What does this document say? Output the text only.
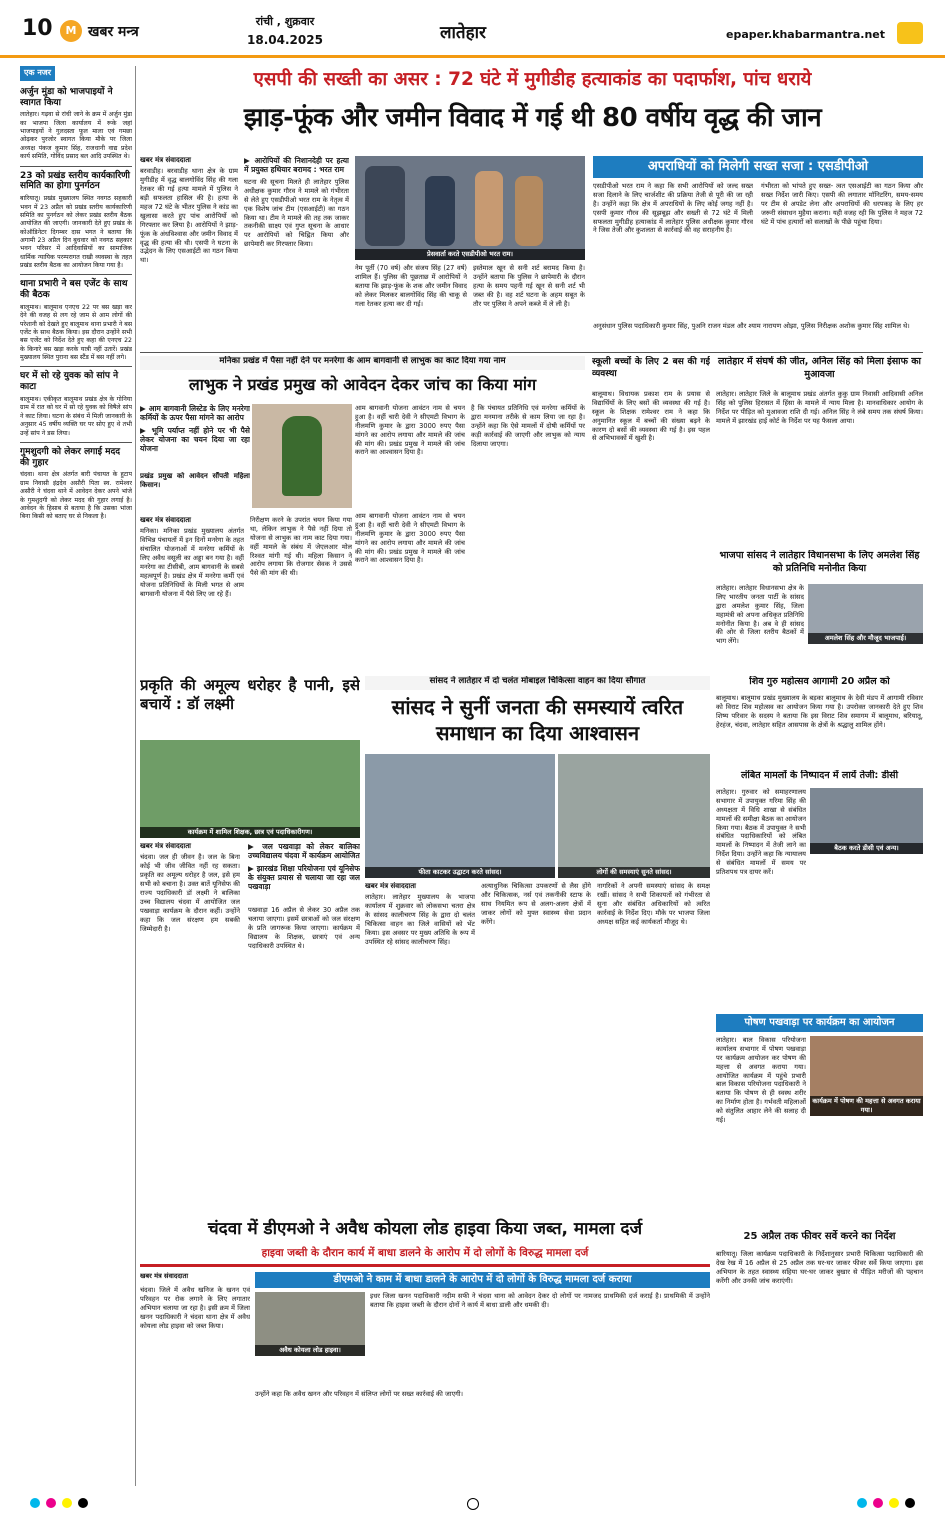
10	M खबर मन्त्र
रांची , शुक्रवार
18.04.2025	लातेहार	epaper.khabarmantra.net
एक नजर
अर्जुन मुंडा को भाजपाइयों ने स्वागत किया
लातेहार। गढ़वा से रांची जाने के क्रम में अर्जुन मुंडा का भाजपा जिला कार्यालय में रूके जहां भाजपाइयों ने गुलदस्ता फूल माला एवं गमछा ओढ़कर पुरजोर स्वागत किया मौके पर जिला अध्यक्ष पंकज कुमार सिंह, राजधानी वाद्य प्रदेश कार्य समिति, गोविंद प्रसाद बल आदि उपस्थित थे।
23 को प्रखंड स्तरीय कार्यकारिणी समिति का होगा पुनर्गठन
बारियातू। प्रखंड मुख्यालय स्थित नवगठ सहकारी भवन में 23 अप्रैल को प्रखंड स्तरीय कार्यकारिणी समिति का पुनर्गठन को लेकर प्रखंड स्तरीय बैठक आयोजित की जाएगी। जानकारी देते हुए प्रखंड के कोऑडिनेटर दिगम्बर दास भगत ने बताया कि अगामी 23 अप्रैल दिन बुधवार को नवगठ सहकार भवन परिसर में आदिवासियों का सामाजिक धार्मिक न्यायिक परम्परागत राखी व्यवस्था के तहत प्रखंड स्तरीय बैठक का आयोजन किया गया है।
थाना प्रभारी ने बस एजेंट के साथ की बैठक
बालूमाथ। बालूमाथ एनएच 22 पर बस खड़ा कर देने की वजह से लग रहे जाम से आम लोगों की परेशानी को देखते हुए बालूमाथ थाना प्रभारी ने बस एजेंट के साथ बैठक किया। इस दौरान उन्होंने सभी बस एजेंट को निर्देश देते हुए कहा की एनएच 22 के किनारे बस खड़ा करके यात्री नहीं उतारें। प्रखंड मुख्यालय स्थित पुराना बस स्टैंड में बस नहीं लगे।
घर में सो रहे युवक को सांप ने काटा
बालूमाथ। एकीकृत बालूमाथ प्रखंड क्षेत्र के गोनिया ग्राम में रात को घर में सो रहे युवक को विषैले सांप ने काट लिया। घटना के संबंध में मिली जानकारी के अनुसार 45 वर्षीय व्यक्ति घर पर सोए हुए थे तभी उन्हें सांप ने डस लिया।
गुमशुदगी को लेकर लगाई मदद की गुहार
चंदवा। थाना क्षेत्र अंतर्गत बारी पंचायत के हुटाप ग्राम निवासी इंद्रदेव असौरी पिता स्व. रामेश्वर असौरी ने चंदवा थाने में आवेदन देकर अपने भांजे के गुमशुदगी को लेकर मदद की गुहार लगाई है। आवेदन के हिसाब से बताया है कि उसका भांजा बिना किसी को बताए घर से निकला है।
एसपी की सख्ती का असर : 72 घंटे में मुगीडीह हत्याकांड का पदार्फाश, पांच धराये
झाड़-फूंक और जमीन विवाद में गई थी 80 वर्षीय वृद्ध की जान
खबर मंत्र संवाददाता
बरवाडीह। बरवाडीह थाना क्षेत्र के ग्राम मुगीडीह में वृद्ध बालगोविंद सिंह की गला रेतकर की गई हत्या मामले में पुलिस ने बड़ी सफलता हासिल की है। हत्या के महज 72 घंटे के भीतर पुलिस ने कांड का खुलासा करते हुए पांच आरोपियों को गिरफ्तार कर लिया है। आरोपियों ने झाड़-फूंक के अंधविश्वास और जमीन विवाद में वृद्ध की हत्या की थी। एसपी ने घटना के उद्भेदन के लिए एसआईटी का गठन किया था।
▶ आरोपियों की निशानदेही पर हत्या में प्रयुक्त हथियार बरामद : भरत राम
घटना की सूचना मिलते ही लातेहार पुलिस अधीक्षक कुमार गौरव ने मामले को गंभीरता से लेते हुए एसडीपीओ भरत राम के नेतृत्व में एक विशेष जांच टीम (एसआईटी) का गठन किया था। टीम ने मामले की तह तक जाकर तकनीकी साक्ष्य एवं गुप्त सूचना के आधार पर आरोपियों को चिह्नित किया और छापेमारी कर गिरफ्तार किया।
प्रेसवार्ता करते एसडीपीओ भरत राम।
नेम पूर्ती (70 वर्ष) और संजय सिंह (27 वर्ष) शामिल हैं। पुलिस की पूछताछ में आरोपियों ने बताया कि झाड़-फूंक के शक और जमीन विवाद को लेकर मिलकर बालगोविंद सिंह की चाकू से गला रेतकर हत्या कर दी गई।
इस्तेमाल खून से सनी शर्ट बरामद किया है। उन्होंने बताया कि पुलिस ने छापेमारी के दौरान हत्या के समय पहनी गई खून से सनी शर्ट भी जब्त की है। वह शर्ट घटना के अहम सबूत के तौर पर पुलिस ने अपने कब्जे में ले ली है।
अपराधियों को मिलेगी सख्त सजा : एसडीपीओ
एसडीपीओ भरत राम ने कहा कि सभी आरोपियों को जल्द सख्त सजा दिलाने के लिए चार्जशीट की प्रक्रिया तेजी से पूरी की जा रही है। उन्होंने कहा कि क्षेत्र में अपराधियों के लिए कोई जगह नहीं है। एसपी कुमार गौरव की सूझबूझ और सख्ती से 72 घंटे में मिली सफलता मुगीडीह हत्याकांड में लातेहार पुलिस अधीक्षक कुमार गौरव ने जिस तेजी और कुशलता से कार्रवाई की वह सराहनीय है।
गंभीरता को भांपते हुए सख्त- त्वत एसआईटी का गठन किया और सख्त निर्देश जारी किए। एसपी की लगातार मॉनिटरिंग, समय-समय पर टीम से अपडेट लेना और अपराधियों की धरपकड़ के लिए हर जरूरी संसाधन मुहैया कराना। यही वजह रही कि पुलिस ने महज 72 घंटे में पांच हत्यारों को सलाखों के पीछे पहुंचा दिया।
अनुसंधान पुलिस पदाधिकारी कुमार सिंह, पुअनि राजन मंडल और श्याम नारायण ओझा, पुलिस निरीक्षक अशोक कुमार सिंह शामिल थे।
मनिका प्रखंड में पैसा नहीं देने पर मनरेगा के आम बागवानी से लाभुक का काट दिया गया नाम
लाभुक ने प्रखंड प्रमुख को आवेदन देकर जांच का किया मांग
▶ आम बागवानी लिस्टेड के लिए मनरेगा कर्मियों के ऊपर पैसा मांगने का आरोप
▶ भूमि पर्याप्त नहीं होने पर भी पैसे लेकर योजना का चयन दिया जा रहा योजना
आम बागवानी योजना आवंटन नाम से चयन हुआ है। वहीं चारी देवी ने सीएमटी विभाग के नीलमणि कुमार के द्वारा 3000 रुपए पैसा मांगने का आरोप लगाया और मामले की जांच की मांग की। प्रखंड प्रमुख ने मामले की जांच कराने का आश्वासन दिया है।
है कि पंचायत प्रतिनिधि एवं मनरेगा कर्मियों के द्वारा मनमाना तरीके से काम लिया जा रहा है। उन्होंने कहा कि ऐसे मामलों में दोषी कर्मियों पर कड़ी कार्रवाई की जाएगी और लाभुक को न्याय दिलाया जाएगा।
प्रखंड प्रमुख को आवेदन सौंपती महिला किसान।
खबर मंत्र संवाददाता
मनिका। मनिका प्रखंड मुख्यालय अंतर्गत विभिन्न पंचायतों में इन दिनों मनरेगा के तहत संचालित योजनाओं में मनरेगा कर्मियों के लिए अवैध वसूली का अड्डा बन गया है। वहीं मनरेगा का टीसीबी, आम बागवानी के सबसे महत्वपूर्ण है। प्रखंड क्षेत्र में मनरेगा कर्मी एवं योजना प्रतिनिधियों के मिली भगत से आम बागवानी योजना में पैसे लिए जा रहे हैं।
निरीक्षण करने के उपरांत चयन किया गया था, लेकिन लाभुक ने पैसे नहीं दिया तो योजना से लाभुक का नाम काट दिया गया। वहीं मामले के संबंध में जेएलआर मोल रिश्वत मांगी गई थी। महिला किसान ने आरोप लगाया कि रोजगार सेवक ने उससे पैसे की मांग की थी।
आम बागवानी योजना आवंटन नाम से चयन हुआ है। वहीं चारी देवी ने सीएमटी विभाग के नीलमणि कुमार के द्वारा 3000 रुपए पैसा मांगने का आरोप लगाया और मामले की जांच की मांग की। प्रखंड प्रमुख ने मामले की जांच कराने का आश्वासन दिया है।
स्कूली बच्चों के लिए 2 बस की गई व्यवस्था
बालूमाथ। विधायक प्रकाश राम के प्रयास से विद्यार्थियों के लिए बसों की व्यवस्था की गई है। स्कूल के शिक्षक रामेश्वर राम ने कहा कि अनुमानित स्कूल में बच्चों की संख्या बढ़ने के कारण दो बसों की व्यवस्था की गई है। इस पहल से अभिभावकों में खुशी है।
लातेहार में संघर्ष की जीत, अनिल सिंह को मिला इंसाफ का मुआवजा
लातेहार। लातेहार जिले के बालूमाथ प्रखंड अंतर्गत कुकु ग्राम निवासी आदिवासी अनिल सिंह को पुलिस हिरासत में हिंसा के मामले में न्याय मिला है। मानवाधिकार आयोग के निर्देश पर पीड़ित को मुआवजा राशि दी गई। अनिल सिंह ने लंबे समय तक संघर्ष किया। मामले में झारखंड हाई कोर्ट के निर्देश पर यह फैसला आया।
भाजपा सांसद ने लातेहार विधानसभा के लिए अमलेश सिंह को प्रतिनिधि मनोनीत किया
लातेहार। लातेहार विधानसभा क्षेत्र के लिए भारतीय जनता पार्टी के सांसद द्वारा अमलेश कुमार सिंह, जिला महामंत्री को अपना अधिकृत प्रतिनिधि मनोनीत किया है। अब वे ही सांसद की ओर से जिला स्तरीय बैठकों में भाग लेंगे।	अमलेश सिंह और मौजूद भाजपाई।
शिव गुरु महोत्सव आगामी 20 अप्रैल को
बालूमाथ। बालूमाथ प्रखंड मुख्यालय के बड़का बालूमाथ के देवी मंडप में आगामी रविवार को विराट शिव महोत्सव का आयोजन किया गया है। उपरोक्त जानकारी देते हुए शिव शिष्य परिवार के सदस्य ने बताया कि इस विराट शिव समागम में बालूमाथ, बरियातू, हेरहंज, चंदवा, लातेहार सहित आसपास के क्षेत्रों के श्रद्धालु शामिल होंगे।
लंबित मामलों के निष्पादन में लायें तेजी: डीसी
लातेहार। गुरुवार को समाहरणालय सभागार में उपायुक्त गरिमा सिंह की अध्यक्षता में विधि शाखा से संबंधित मामलों की समीक्षा बैठक का आयोजन किया गया। बैठक में उपायुक्त ने सभी संबंधित पदाधिकारियों को लंबित मामलों के निष्पादन में तेजी लाने का निर्देश दिया। उन्होंने कहा कि न्यायालय से संबंधित मामलों में समय पर प्रतिशपथ पत्र दायर करें।
बैठक करते डीसी एवं अन्य।
पोषण पखवाड़ा पर कार्यक्रम का आयोजन
लातेहार। बाल विकास परियोजना कार्यालय सभागार में पोषण पखवाड़ा पर कार्यक्रम आयोजन कर पोषण की महत्ता से अवगत कराया गया। आयोजित कार्यक्रम में पहुंचे प्रभारी बाल विकास परियोजना पदाधिकारी ने बताया कि पोषण से ही स्वस्थ शरीर का निर्माण होता है। गर्भवती महिलाओं को संतुलित आहार लेने की सलाह दी गई।
कार्यक्रम में पोषण की महत्ता से अवगत कराया गया।
प्रकृति की अमूल्य धरोहर है पानी, इसे बचायें : डॉ लक्ष्मी
कार्यक्रम में शामिल शिक्षक, छात्र एवं पदाधिकारीगण।
खबर मंत्र संवाददाता
चंदवा। जल ही जीवन है। जल के बिना कोई भी जीव जीवित नहीं रह सकता। प्रकृति का अमूल्य धरोहर है जल, इसे हम सभी को बचाना है। उक्त बातें यूनिसेफ की राज्य पदाधिकारी डॉ लक्ष्मी ने बालिका उच्च विद्यालय चंदवा में आयोजित जल पखवाड़ा कार्यक्रम के दौरान कहीं। उन्होंने कहा कि जल संरक्षण हम सबकी जिम्मेदारी है।
▶ जल पखवाड़ा को लेकर बालिका उच्चविद्यालय चंदवा में कार्यक्रम आयोजित
▶ झारखंड शिक्षा परियोजना एवं यूनिसेफ के संयुक्त प्रयास से चलाया जा रहा जल पखवाड़ा
पखवाड़ा 16 अप्रैल से लेकर 30 अप्रैल तक चलाया जाएगा। इसमें छात्राओं को जल संरक्षण के प्रति जागरूक किया जाएगा। कार्यक्रम में विद्यालय के शिक्षक, छात्राएं एवं अन्य पदाधिकारी उपस्थित थे।
सांसद ने लातेहार में दो चलंत मोबाइल चिकित्सा वाहन का दिया सौगात
सांसद ने सुनीं जनता की समस्यायें त्वरित समाधान का दिया आश्वासन
फीता काटकर उद्घाटन करते सांसद।	लोगों की समस्याएं सुनते सांसद।
खबर मंत्र संवाददाता
लातेहार। लातेहार मुख्यालय के भाजपा कार्यालय में शुक्रवार को लोकसभा चतरा क्षेत्र के सांसद कालीचरण सिंह के द्वारा दो चलंत चिकित्सा वाहन का जिले वासियों को भेंट किया। इस अवसर पर मुख्य अतिथि के रूप में उपस्थित रहे सांसद कालीचरण सिंह।
अत्याधुनिक चिकित्सा उपकरणों से लैस होंगे और चिकित्सक, नर्स एवं तकनीकी स्टाफ के साथ नियमित रूप से अलग-अलग क्षेत्रों में जाकर लोगों को मुफ्त स्वास्थ्य सेवा प्रदान करेंगे।
नागरिकों ने अपनी समस्याएं सांसद के समक्ष रखीं। सांसद ने सभी शिकायतों को गंभीरता से सुना और संबंधित अधिकारियों को त्वरित कार्रवाई के निर्देश दिए। मौके पर भाजपा जिला अध्यक्ष सहित कई कार्यकर्ता मौजूद थे।
चंदवा में डीएमओ ने अवैध कोयला लोड हाइवा किया जब्त, मामला दर्ज
हाइवा जब्ती के दौरान कार्य में बाधा डालने के आरोप में दो लोगों के विरुद्ध मामला दर्ज
डीएमओ ने काम में बाधा डालने के आरोप में दो लोगों के विरुद्ध मामला दर्ज कराया
खबर मंत्र संवाददाता
अवैध कोयला लोड हाइवा।
चंदवा। जिले में अवैध खनिज के खनन एवं परिवहन पर रोक लगाने के लिए लगातार अभियान चलाया जा रहा है। इसी क्रम में जिला खनन पदाधिकारी ने चंदवा थाना क्षेत्र में अवैध कोयला लोड हाइवा को जब्त किया।
इधर जिला खनन पदाधिकारी नदीम सफी ने चंदवा थाना को आवेदन देकर दो लोगों पर नामजद प्राथमिकी दर्ज कराई है। प्राथमिकी में उन्होंने बताया कि हाइवा जब्ती के दौरान दोनों ने कार्य में बाधा डाली और धमकी दी।
उन्होंने कहा कि अवैध खनन और परिवहन में संलिप्त लोगों पर सख्त कार्रवाई की जाएगी।
25 अप्रैल तक फीवर सर्वे करने का निर्देश
बारियातू। जिला कार्यक्रम पदाधिकारी के निर्देशानुसार प्रभारी चिकित्सा पदाधिकारी की देख रेख में 16 अप्रैल से 25 अप्रैल तक घर-घर जाकर फीवर सर्वे किया जाएगा। इस अभियान के तहत स्वास्थ्य सहिया घर-घर जाकर बुखार से पीड़ित मरीजों की पहचान करेंगी और उनकी जांच कराएंगी।
